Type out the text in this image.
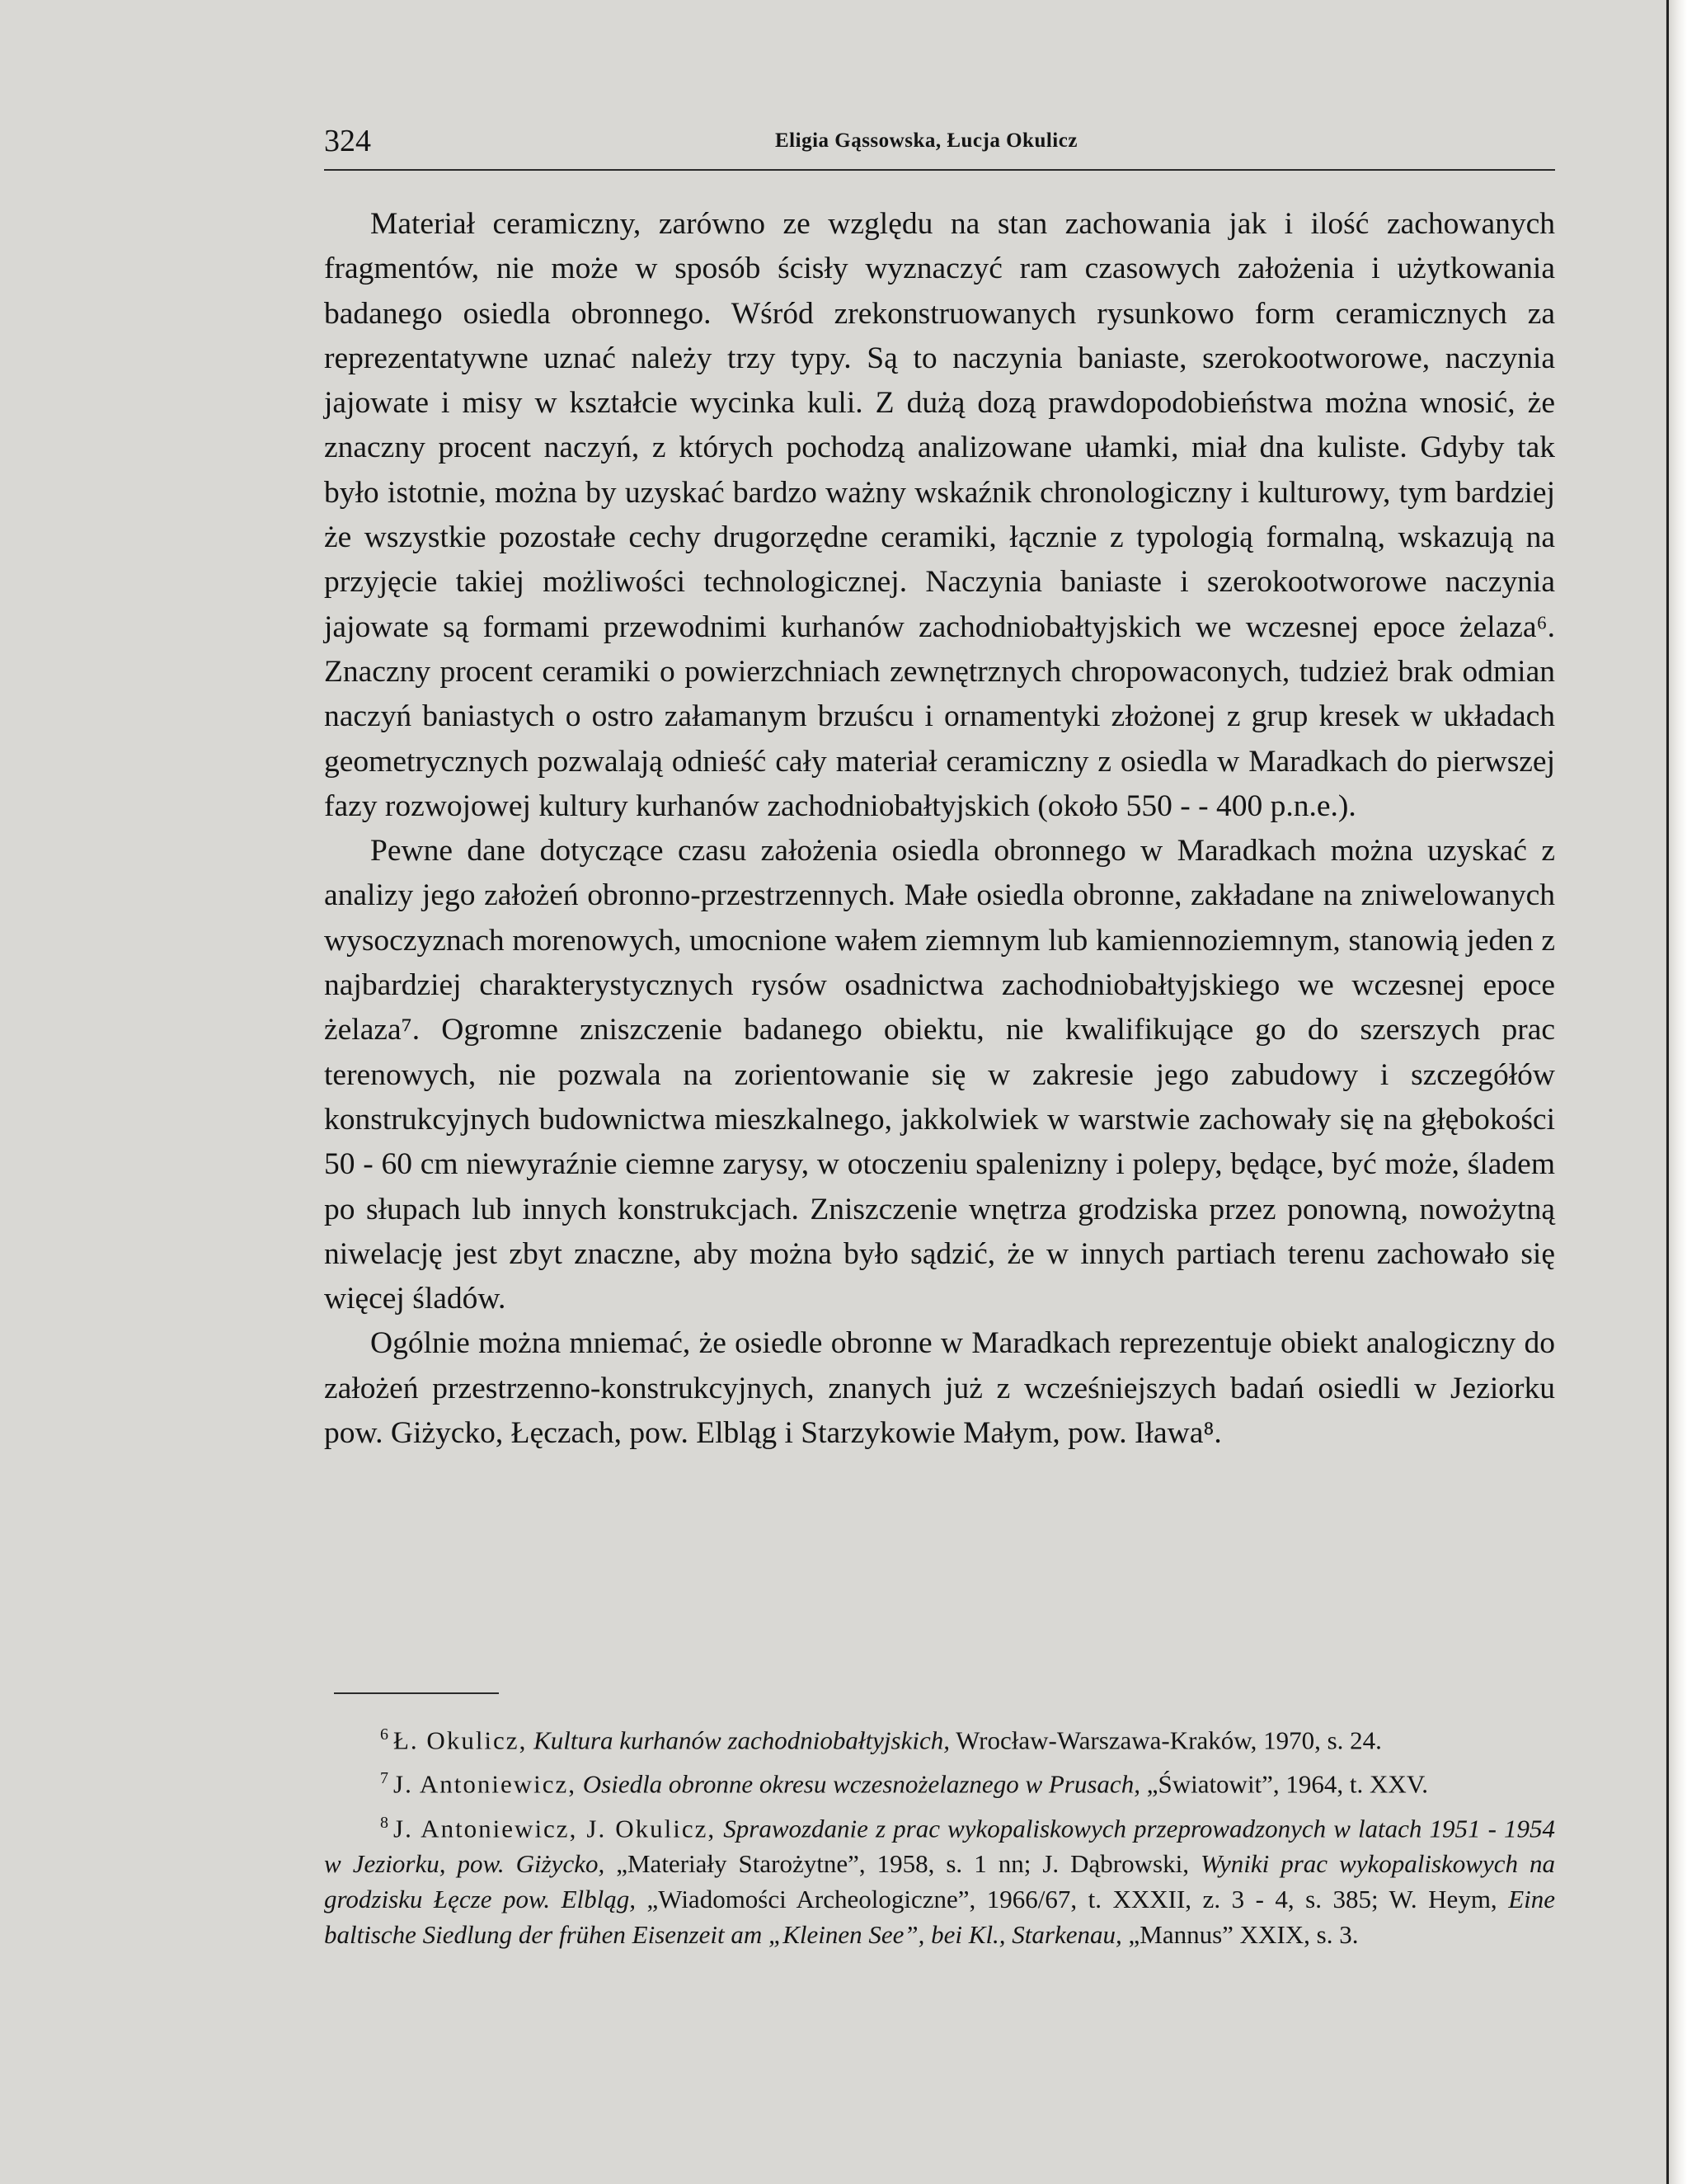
324	Eligia Gąssowska, Łucja Okulicz

Materiał ceramiczny, zarówno ze względu na stan zachowania jak i ilość zachowanych fragmentów, nie może w sposób ścisły wyznaczyć ram czasowych założenia i użytkowania badanego osiedla obronnego. Wśród zrekonstruowanych rysunkowo form ceramicznych za reprezentatywne uznać należy trzy typy. Są to naczynia baniaste, szerokootworowe, naczynia jajowate i misy w kształcie wycinka kuli. Z dużą dozą prawdopodobieństwa można wnosić, że znaczny procent naczyń, z których pochodzą analizowane ułamki, miał dna kuliste. Gdyby tak było istotnie, można by uzyskać bardzo ważny wskaźnik chronologiczny i kulturowy, tym bardziej że wszystkie pozostałe cechy drugorzędne ceramiki, łącznie z typologią formalną, wskazują na przyjęcie takiej możliwości technologicznej. Naczynia baniaste i szerokootworowe naczynia jajowate są formami przewodnimi kurhanów zachodniobałtyjskich we wczesnej epoce żelaza⁶. Znaczny procent ceramiki o powierzchniach zewnętrznych chropowaconych, tudzież brak odmian naczyń baniastych o ostro załamanym brzuścu i ornamentyki złożonej z grup kresek w układach geometrycznych pozwalają odnieść cały materiał ceramiczny z osiedla w Maradkach do pierwszej fazy rozwojowej kultury kurhanów zachodniobałtyjskich (około 550 - - 400 p.n.e.).

Pewne dane dotyczące czasu założenia osiedla obronnego w Maradkach można uzyskać z analizy jego założeń obronno-przestrzennych. Małe osiedla obronne, zakładane na zniwelowanych wysoczyznach morenowych, umocnione wałem ziemnym lub kamiennoziemnym, stanowią jeden z najbardziej charakterystycznych rysów osadnictwa zachodniobałtyjskiego we wczesnej epoce żelaza⁷. Ogromne zniszczenie badanego obiektu, nie kwalifikujące go do szerszych prac terenowych, nie pozwala na zorientowanie się w zakresie jego zabudowy i szczegółów konstrukcyjnych budownictwa mieszkalnego, jakkolwiek w warstwie zachowały się na głębokości 50 - 60 cm niewyraźnie ciemne zarysy, w otoczeniu spalenizny i polepy, będące, być może, śladem po słupach lub innych konstrukcjach. Zniszczenie wnętrza grodziska przez ponowną, nowożytną niwelację jest zbyt znaczne, aby można było sądzić, że w innych partiach terenu zachowało się więcej śladów.

Ogólnie można mniemać, że osiedle obronne w Maradkach reprezentuje obiekt analogiczny do założeń przestrzenno-konstrukcyjnych, znanych już z wcześniejszych badań osiedli w Jeziorku pow. Giżycko, Łęczach, pow. Elbląg i Starzykowie Małym, pow. Iława⁸.

$^6$ Ł. Okulicz, Kultura kurhanów zachodniobałtyjskich, Wrocław-Warszawa-Kraków, 1970, s. 24.

$^7$ J. Antoniewicz, Osiedla obronne okresu wczesnożelaznego w Prusach, „Światowit”, 1964, t. XXV.

$^8$ J. Antoniewicz, J. Okulicz, Sprawozdanie z prac wykopaliskowych przeprowadzonych w latach 1951 - 1954 w Jeziorku, pow. Giżycko, „Materiały Starożytne”, 1958, s. 1 nn; J. Dąbrowski, Wyniki prac wykopaliskowych na grodzisku Łęcze pow. Elbląg, „Wiadomości Archeologiczne”, 1966/67, t. XXXII, z. 3 - 4, s. 385; W. Heym, Eine baltische Siedlung der frühen Eisenzeit am „Kleinen See”, bei Kl., Starkenau, „Mannus” XXIX, s. 3.
